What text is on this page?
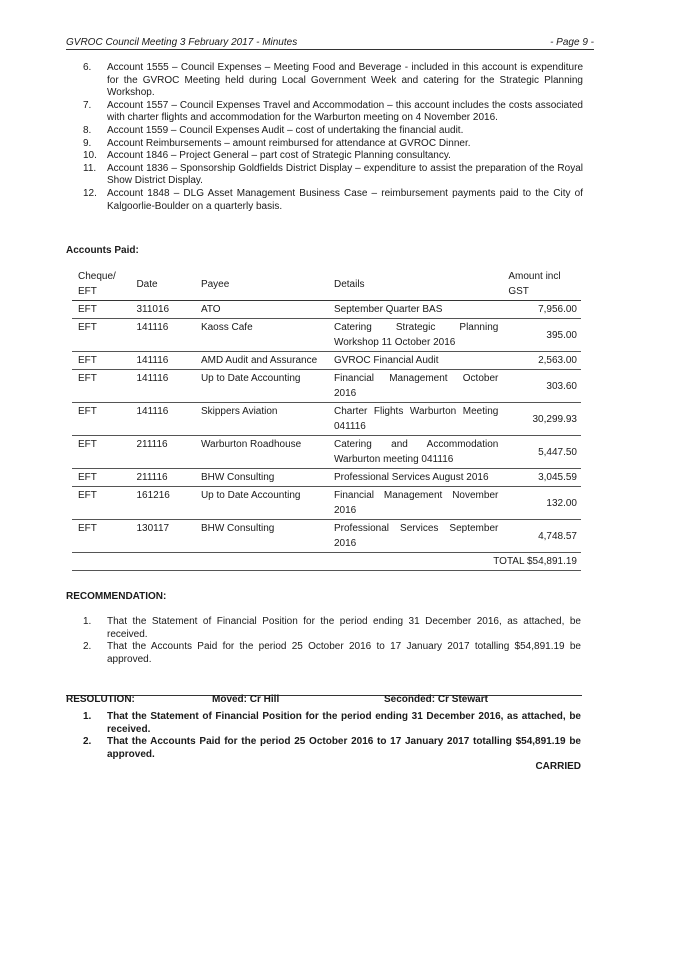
GVROC Council Meeting 3 February 2017 - Minutes	- Page 9 -
6.	Account 1555 – Council Expenses – Meeting Food and Beverage - included in this account is expenditure for the GVROC Meeting held during Local Government Week and catering for the Strategic Planning Workshop.
7.	Account 1557 – Council Expenses Travel and Accommodation – this account includes the costs associated with charter flights and accommodation for the Warburton meeting on 4 November 2016.
8.	Account 1559 – Council Expenses Audit – cost of undertaking the financial audit.
9.	Account Reimbursements – amount reimbursed for attendance at GVROC Dinner.
10.	Account 1846 – Project General – part cost of Strategic Planning consultancy.
11.	Account 1836 – Sponsorship Goldfields District Display – expenditure to assist the preparation of the Royal Show District Display.
12.	Account 1848 – DLG Asset Management Business Case – reimbursement payments paid to the City of Kalgoorlie-Boulder on a quarterly basis.
Accounts Paid:
Cheque/ EFT	Date	Payee	Details	Amount incl GST
EFT	311016	ATO	September Quarter BAS	7,956.00
EFT	141116	Kaoss Cafe	Catering Strategic Planning Workshop 11 October 2016	395.00
EFT	141116	AMD Audit and Assurance	GVROC Financial Audit	2,563.00
EFT	141116	Up to Date Accounting	Financial Management October 2016	303.60
EFT	141116	Skippers Aviation	Charter Flights Warburton Meeting 041116	30,299.93
EFT	211116	Warburton Roadhouse	Catering and Accommodation Warburton meeting 041116	5,447.50
EFT	211116	BHW Consulting	Professional Services August 2016	3,045.59
EFT	161216	Up to Date Accounting	Financial Management November 2016	132.00
EFT	130117	BHW Consulting	Professional Services September 2016	4,748.57
TOTAL $54,891.19				
RECOMMENDATION:
1.	That the Statement of Financial Position for the period ending 31 December 2016, as attached, be received.
2.	That the Accounts Paid for the period 25 October 2016 to 17 January 2017 totalling $54,891.19 be approved.
RESOLUTION:	Moved: Cr Hill	Seconded: Cr Stewart
1.	That the Statement of Financial Position for the period ending 31 December 2016, as attached, be received.
2.	That the Accounts Paid for the period 25 October 2016 to 17 January 2017 totalling $54,891.19 be approved.
CARRIED
